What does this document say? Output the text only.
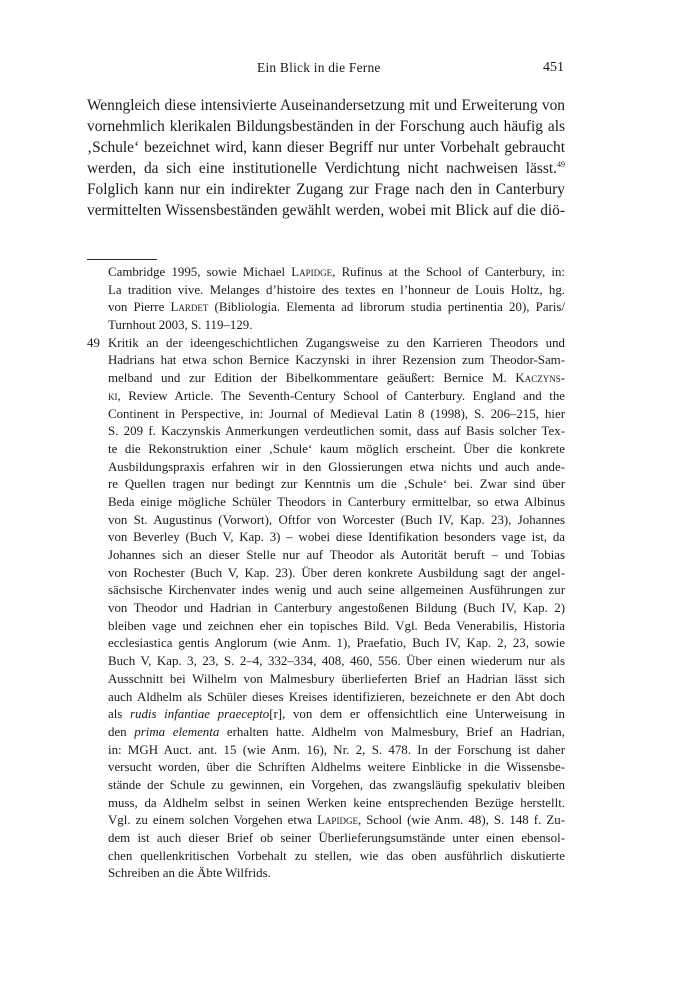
Ein Blick in die Ferne	451
Wenngleich diese intensivierte Auseinandersetzung mit und Erweiterung von
vornehmlich klerikalen Bildungsbeständen in der Forschung auch häufig als
‚Schule‘ bezeichnet wird, kann dieser Begriff nur unter Vorbehalt gebraucht
werden, da sich eine institutionelle Verdichtung nicht nachweisen lässt.$^{49}$
Folglich kann nur ein indirekter Zugang zur Frage nach den in Canterbury
vermittelten Wissensbeständen gewählt werden, wobei mit Blick auf die diö-
Cambridge 1995, sowie Michael Lapidge, Rufinus at the School of Canterbury, in:
La tradition vive. Melanges d’histoire des textes en l’honneur de Louis Holtz, hg.
von Pierre Lardet (Bibliologia. Elementa ad librorum studia pertinentia 20), Paris/
Turnhout 2003, S. 119–129.
49 Kritik an der ideengeschichtlichen Zugangsweise zu den Karrieren Theodors und
Hadrians hat etwa schon Bernice Kaczynski in ihrer Rezension zum Theodor-Sam-
melband und zur Edition der Bibelkommentare geäußert: Bernice M. Kaczyns-
ki, Review Article. The Seventh-Century School of Canterbury. England and the
Continent in Perspective, in: Journal of Medieval Latin 8 (1998), S. 206–215, hier
S. 209 f. Kaczynskis Anmerkungen verdeutlichen somit, dass auf Basis solcher Tex-
te die Rekonstruktion einer ‚Schule‘ kaum möglich erscheint. Über die konkrete
Ausbildungspraxis erfahren wir in den Glossierungen etwa nichts und auch ande-
re Quellen tragen nur bedingt zur Kenntnis um die ‚Schule‘ bei. Zwar sind über
Beda einige mögliche Schüler Theodors in Canterbury ermittelbar, so etwa Albinus
von St. Augustinus (Vorwort), Oftfor von Worcester (Buch IV, Kap. 23), Johannes
von Beverley (Buch V, Kap. 3) – wobei diese Identifikation besonders vage ist, da
Johannes sich an dieser Stelle nur auf Theodor als Autorität beruft – und Tobias
von Rochester (Buch V, Kap. 23). Über deren konkrete Ausbildung sagt der angel-
sächsische Kirchenvater indes wenig und auch seine allgemeinen Ausführungen zur
von Theodor und Hadrian in Canterbury angestoßenen Bildung (Buch IV, Kap. 2)
bleiben vage und zeichnen eher ein topisches Bild. Vgl. Beda Venerabilis, Historia
ecclesiastica gentis Anglorum (wie Anm. 1), Praefatio, Buch IV, Kap. 2, 23, sowie
Buch V, Kap. 3, 23, S. 2–4, 332–334, 408, 460, 556. Über einen wiederum nur als
Ausschnitt bei Wilhelm von Malmesbury überlieferten Brief an Hadrian lässt sich
auch Aldhelm als Schüler dieses Kreises identifizieren, bezeichnete er den Abt doch
als rudis infantiae praecepto[r], von dem er offensichtlich eine Unterweisung in
den prima elementa erhalten hatte. Aldhelm von Malmesbury, Brief an Hadrian,
in: MGH Auct. ant. 15 (wie Anm. 16), Nr. 2, S. 478. In der Forschung ist daher
versucht worden, über die Schriften Aldhelms weitere Einblicke in die Wissensbe-
stände der Schule zu gewinnen, ein Vorgehen, das zwangsläufig spekulativ bleiben
muss, da Aldhelm selbst in seinen Werken keine entsprechenden Bezüge herstellt.
Vgl. zu einem solchen Vorgehen etwa Lapidge, School (wie Anm. 48), S. 148 f. Zu-
dem ist auch dieser Brief ob seiner Überlieferungsumstände unter einen ebensol-
chen quellenkritischen Vorbehalt zu stellen, wie das oben ausführlich diskutierte
Schreiben an die Äbte Wilfrids.
